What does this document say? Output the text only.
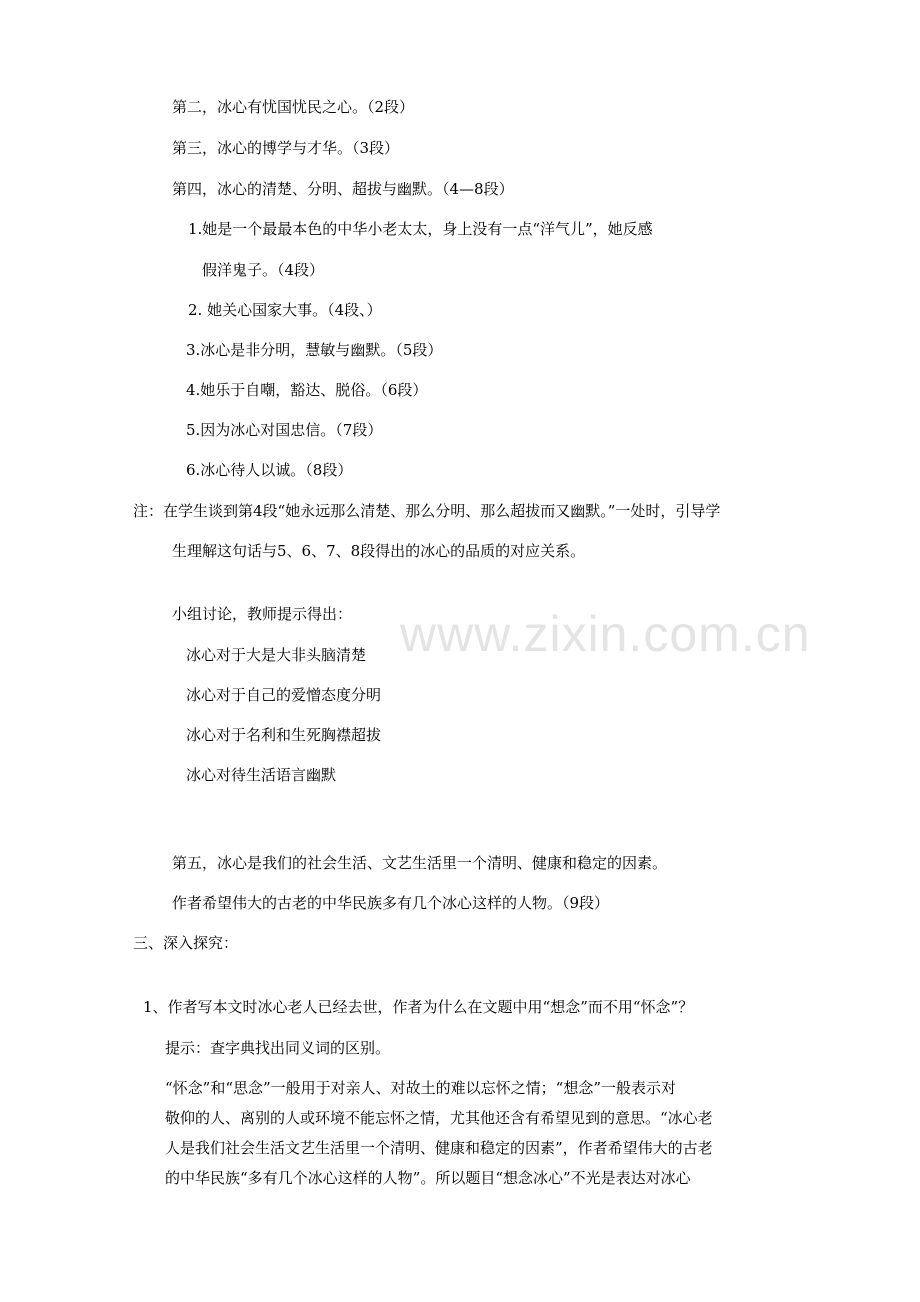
www.zixin.com.cn
第二，冰心有忧国忧民之心。（2段）
第三，冰心的博学与才华。（3段）
第四，冰心的清楚、分明、超拔与幽默。（4—8段）
1.她是一个最最本色的中华小老太太，身上没有一点“洋气儿”，她反感
假洋鬼子。（4段）
2. 她关心国家大事。（4段、）
3.冰心是非分明，慧敏与幽默。（5段）
4.她乐于自嘲，豁达、脱俗。（6段）
5.因为冰心对国忠信。（7段）
6.冰心待人以诚。（8段）
注：在学生谈到第4段“她永远那么清楚、那么分明、那么超拔而又幽默。”一处时，引导学
生理解这句话与5、6、7、8段得出的冰心的品质的对应关系。
小组讨论，教师提示得出：
冰心对于大是大非头脑清楚
冰心对于自己的爱憎态度分明
冰心对于名利和生死胸襟超拔
冰心对待生活语言幽默
第五，冰心是我们的社会生活、文艺生活里一个清明、健康和稳定的因素。
作者希望伟大的古老的中华民族多有几个冰心这样的人物。（9段）
三、深入探究：
1、作者写本文时冰心老人已经去世，作者为什么在文题中用“想念”而不用“怀念”？
提示：查字典找出同义词的区别。
“怀念”和“思念”一般用于对亲人、对故土的难以忘怀之情；“想念”一般表示对
敬仰的人、离别的人或环境不能忘怀之情，尤其他还含有希望见到的意思。“冰心老
人是我们社会生活文艺生活里一个清明、健康和稳定的因素”，作者希望伟大的古老
的中华民族“多有几个冰心这样的人物”。所以题目“想念冰心”不光是表达对冰心
